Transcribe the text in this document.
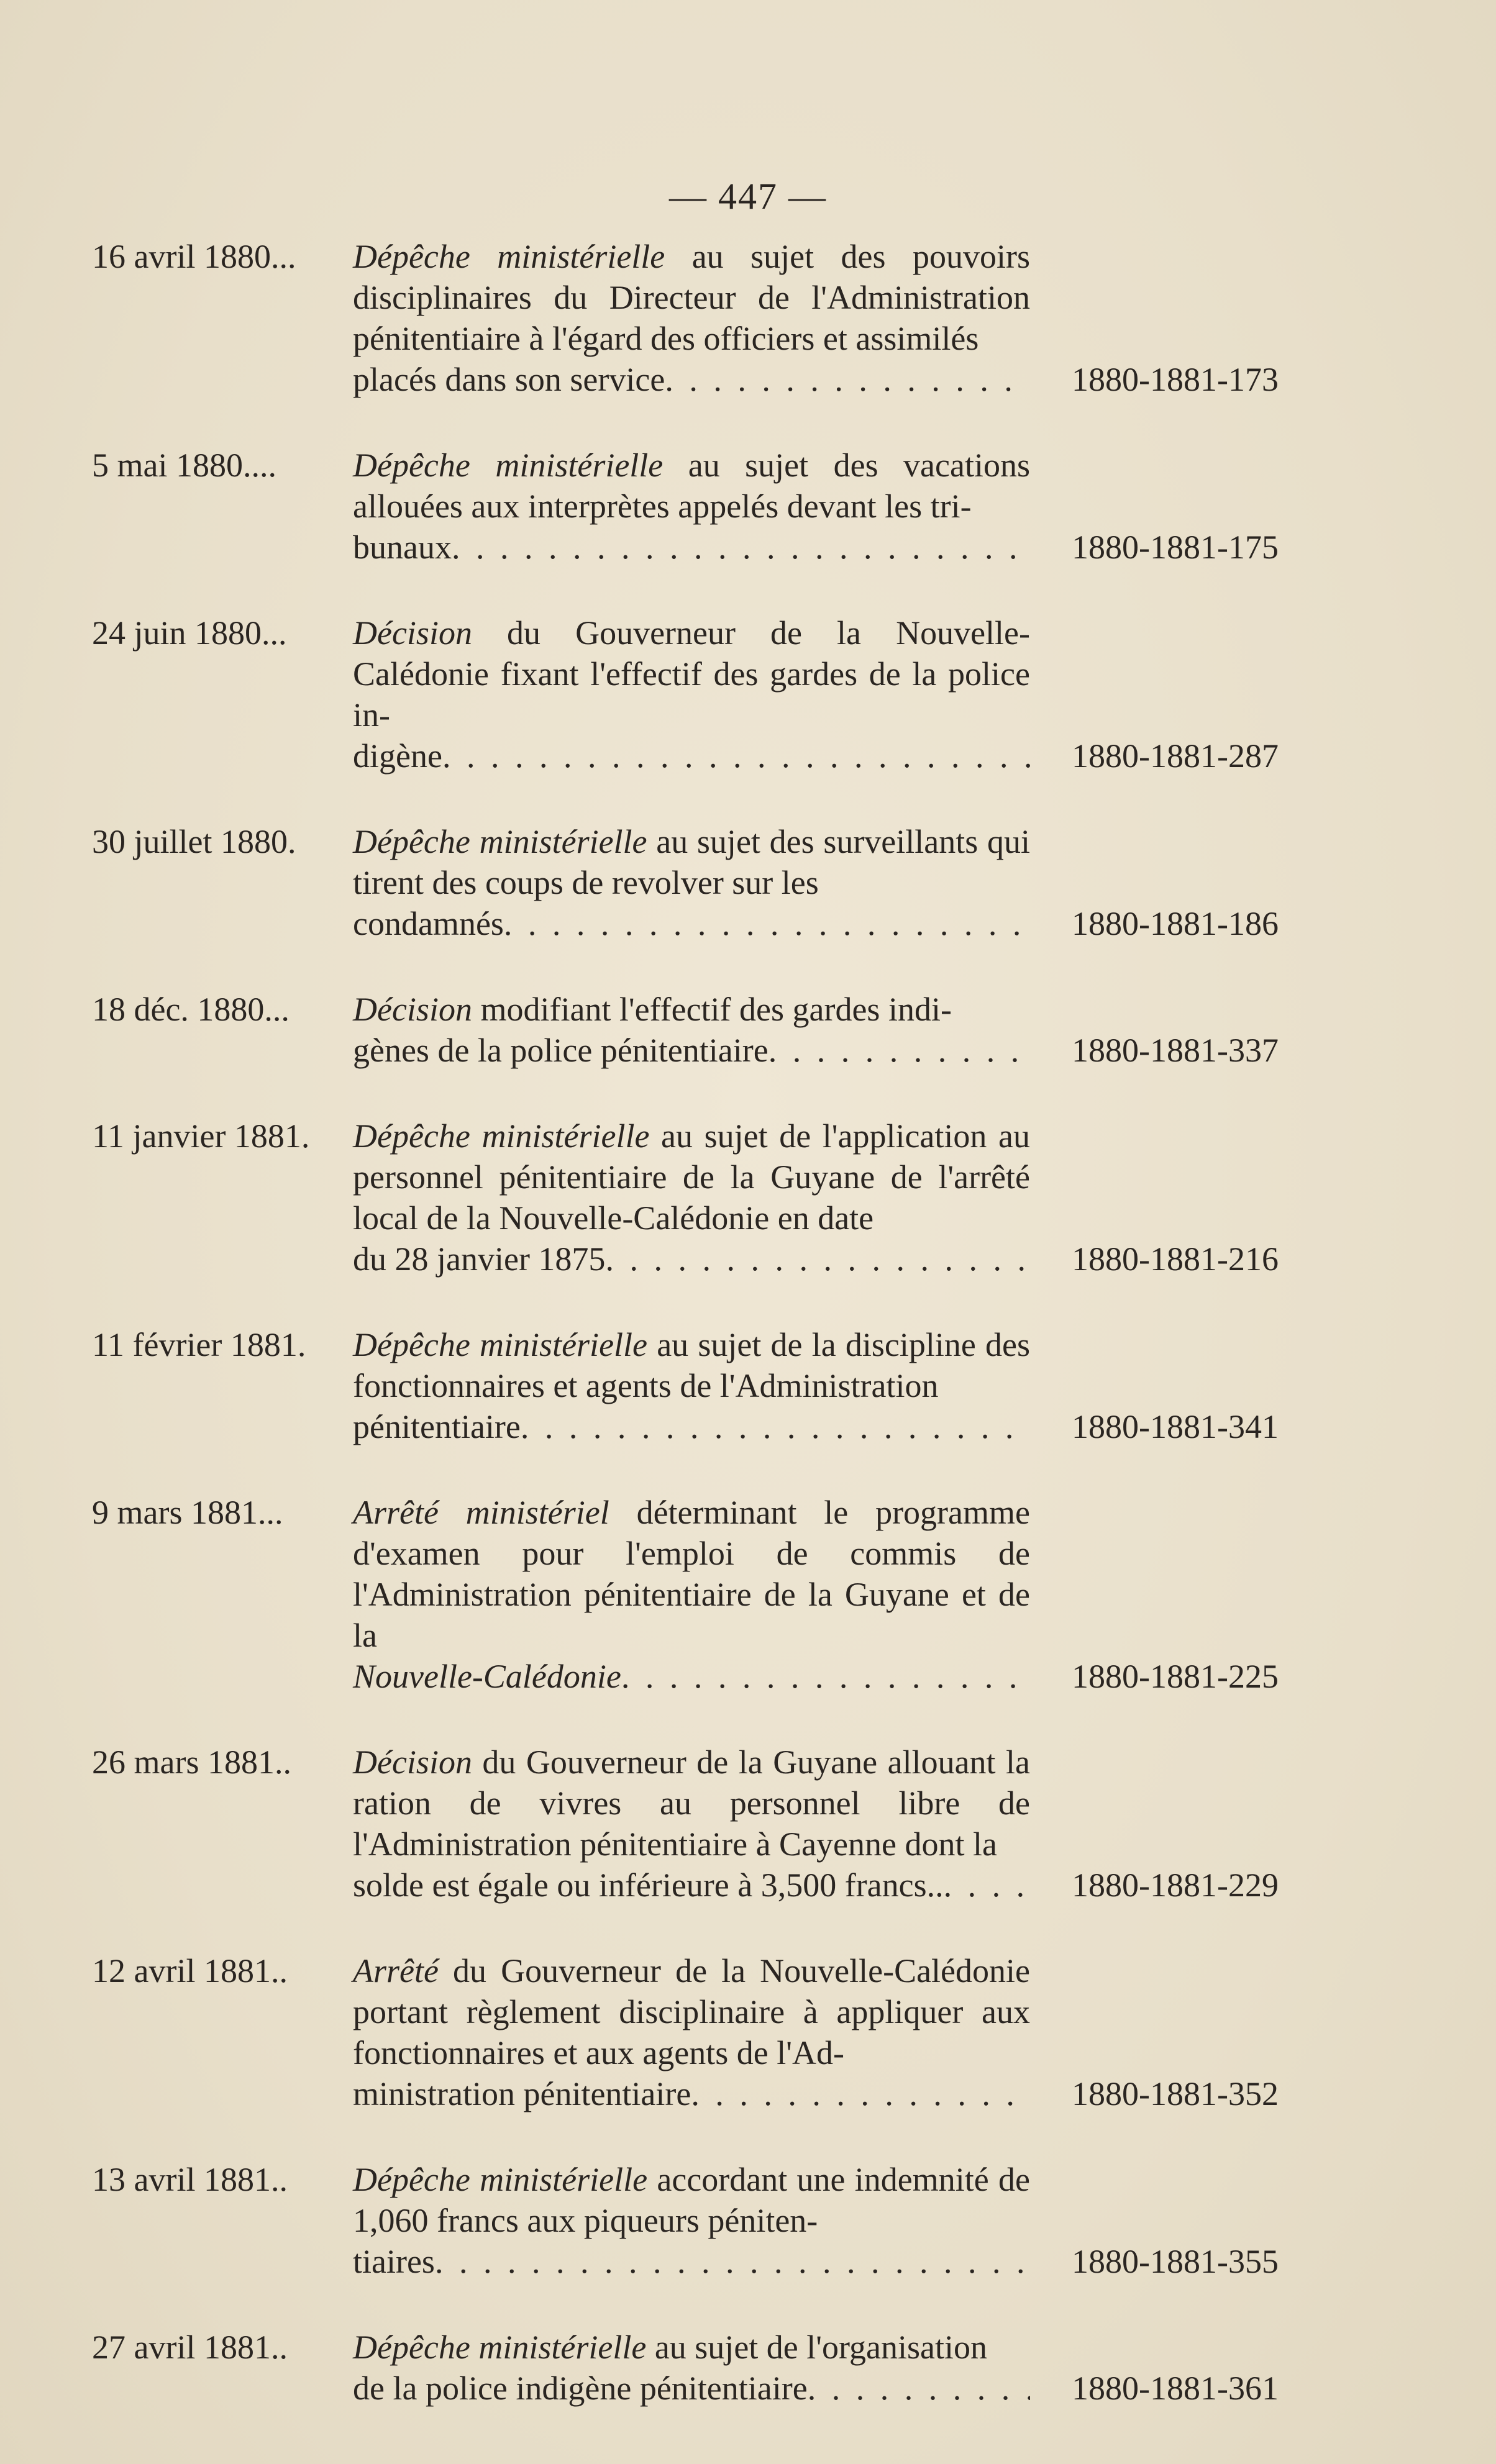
— 447 —
16 avril 1880...	Dépêche ministérielle au sujet des pouvoirs disciplinaires du Directeur de l'Administration pénitentiaire à l'égard des officiers et assimilés
placés dans son service . . .	1880-1881-173
5 mai 1880....	Dépêche ministérielle au sujet des vacations allouées aux interprètes appelés devant les tri-
bunaux . . .	1880-1881-175
24 juin 1880...	Décision du Gouverneur de la Nouvelle-Calédonie fixant l'effectif des gardes de la police in-
digène . . .	1880-1881-287
30 juillet 1880.	Dépêche ministérielle au sujet des surveillants qui tirent des coups de revolver sur les
condamnés . . .	1880-1881-186
18 déc. 1880...	Décision modifiant l'effectif des gardes indi-
gènes de la police pénitentiaire . . .	1880-1881-337
11 janvier 1881.	Dépêche ministérielle au sujet de l'application au personnel pénitentiaire de la Guyane de l'arrêté local de la Nouvelle-Calédonie en date
du 28 janvier 1875 . . .	1880-1881-216
11 février 1881.	Dépêche ministérielle au sujet de la discipline des fonctionnaires et agents de l'Administration
pénitentiaire . . .	1880-1881-341
9 mars 1881...	Arrêté ministériel déterminant le programme d'examen pour l'emploi de commis de l'Administration pénitentiaire de la Guyane et de la
Nouvelle-Calédonie . . .	1880-1881-225
26 mars 1881..	Décision du Gouverneur de la Guyane allouant la ration de vivres au personnel libre de l'Administration pénitentiaire à Cayenne dont la
solde est égale ou inférieure à 3,500 francs.. . . .	1880-1881-229
12 avril 1881..	Arrêté du Gouverneur de la Nouvelle-Calédonie portant règlement disciplinaire à appliquer aux fonctionnaires et aux agents de l'Ad-
ministration pénitentiaire . . .	1880-1881-352
13 avril 1881..	Dépêche ministérielle accordant une indemnité de 1,060 francs aux piqueurs péniten-
tiaires . . .	1880-1881-355
27 avril 1881..	Dépêche ministérielle au sujet de l'organisation
de la police indigène pénitentiaire . . .	1880-1881-361
